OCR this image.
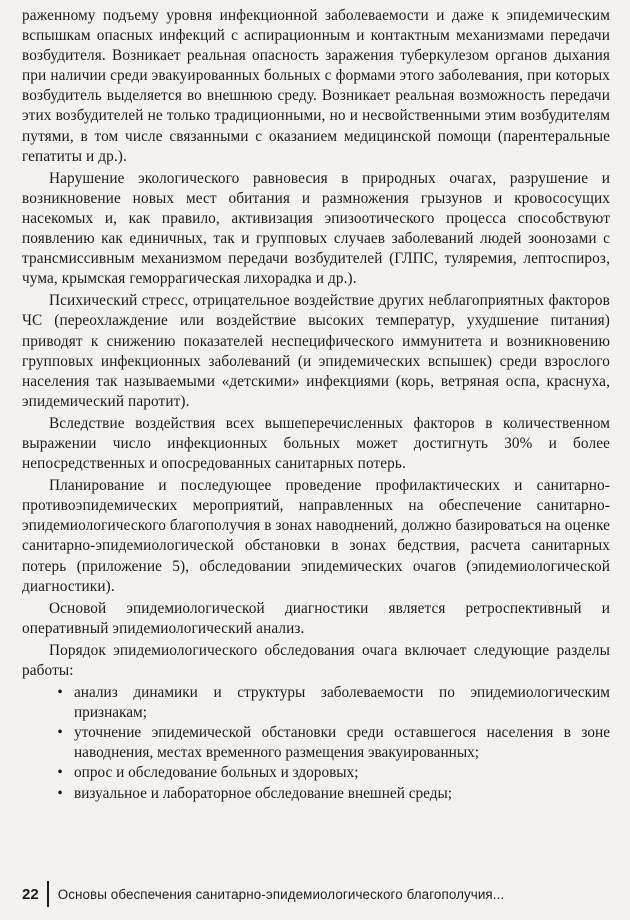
раженному подъему уровня инфекционной заболеваемости и даже к эпидемическим вспышкам опасных инфекций с аспирационным и контактным механизмами передачи возбудителя. Возникает реальная опасность заражения туберкулезом органов дыхания при наличии среди эвакуированных больных с формами этого заболевания, при которых возбудитель выделяется во внешнюю среду. Возникает реальная возможность передачи этих возбудителей не только традиционными, но и несвойственными этим возбудителям путями, в том числе связанными с оказанием медицинской помощи (парентеральные гепатиты и др.).

Нарушение экологического равновесия в природных очагах, разрушение и возникновение новых мест обитания и размножения грызунов и кровососущих насекомых и, как правило, активизация эпизоотического процесса способствуют появлению как единичных, так и групповых случаев заболеваний людей зоонозами с трансмиссивным механизмом передачи возбудителей (ГЛПС, туляремия, лептоспироз, чума, крымская геморрагическая лихорадка и др.).

Психический стресс, отрицательное воздействие других неблагоприятных факторов ЧС (переохлаждение или воздействие высоких температур, ухудшение питания) приводят к снижению показателей неспецифического иммунитета и возникновению групповых инфекционных заболеваний (и эпидемических вспышек) среди взрослого населения так называемыми «детскими» инфекциями (корь, ветряная оспа, краснуха, эпидемический паротит).

Вследствие воздействия всех вышеперечисленных факторов в количественном выражении число инфекционных больных может достигнуть 30% и более непосредственных и опосредованных санитарных потерь.

Планирование и последующее проведение профилактических и санитарно-противоэпидемических мероприятий, направленных на обеспечение санитарно-эпидемиологического благополучия в зонах наводнений, должно базироваться на оценке санитарно-эпидемиологической обстановки в зонах бедствия, расчета санитарных потерь (приложение 5), обследовании эпидемических очагов (эпидемиологической диагностики).

Основой эпидемиологической диагностики является ретроспективный и оперативный эпидемиологический анализ.

Порядок эпидемиологического обследования очага включает следующие разделы работы:

• анализ динамики и структуры заболеваемости по эпидемиологическим признакам;
• уточнение эпидемической обстановки среди оставшегося населения в зоне наводнения, местах временного размещения эвакуированных;
• опрос и обследование больных и здоровых;
• визуальное и лабораторное обследование внешней среды;
22	Основы обеспечения санитарно-эпидемиологического благополучия...
